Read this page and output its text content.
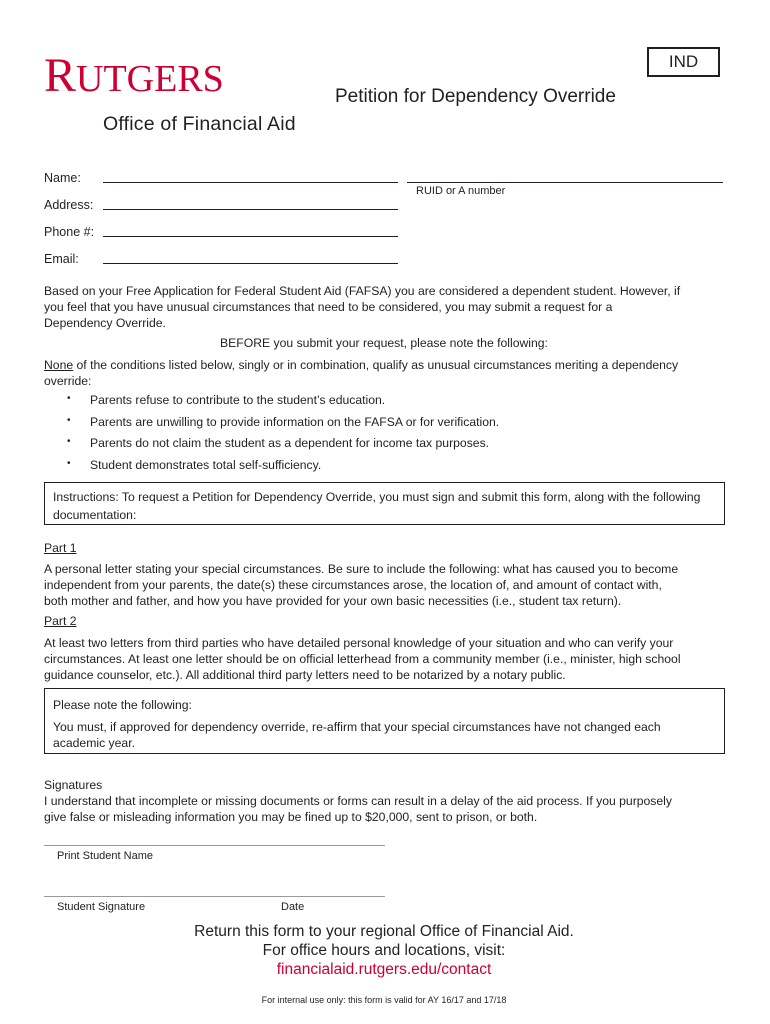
RUTGERS
Office of Financial Aid
IND
Petition for Dependency Override
Name:
RUID or A number
Address:
Phone #:
Email:
Based on your Free Application for Federal Student Aid (FAFSA) you are considered a dependent student. However, if you feel that you have unusual circumstances that need to be considered, you may submit a request for a Dependency Override.
BEFORE you submit your request, please note the following:
None of the conditions listed below, singly or in combination, qualify as unusual circumstances meriting a dependency override:
• Parents refuse to contribute to the student’s education.
• Parents are unwilling to provide information on the FAFSA or for verification.
• Parents do not claim the student as a dependent for income tax purposes.
• Student demonstrates total self-sufficiency.
Instructions: To request a Petition for Dependency Override, you must sign and submit this form, along with the following documentation:
Part 1
A personal letter stating your special circumstances. Be sure to include the following: what has caused you to become independent from your parents, the date(s) these circumstances arose, the location of, and amount of contact with, both mother and father, and how you have provided for your own basic necessities (i.e., student tax return).
Part 2
At least two letters from third parties who have detailed personal knowledge of your situation and who can verify your circumstances. At least one letter should be on official letterhead from a community member (i.e., minister, high school guidance counselor, etc.). All additional third party letters need to be notarized by a notary public.
Please note the following:
You must, if approved for dependency override, re-affirm that your special circumstances have not changed each academic year.
Signatures
I understand that incomplete or missing documents or forms can result in a delay of the aid process. If you purposely give false or misleading information you may be fined up to $20,000, sent to prison, or both.
Print Student Name
Student Signature	Date
Return this form to your regional Office of Financial Aid.
For office hours and locations, visit:
financialaid.rutgers.edu/contact
For internal use only: this form is valid for AY 16/17 and 17/18
